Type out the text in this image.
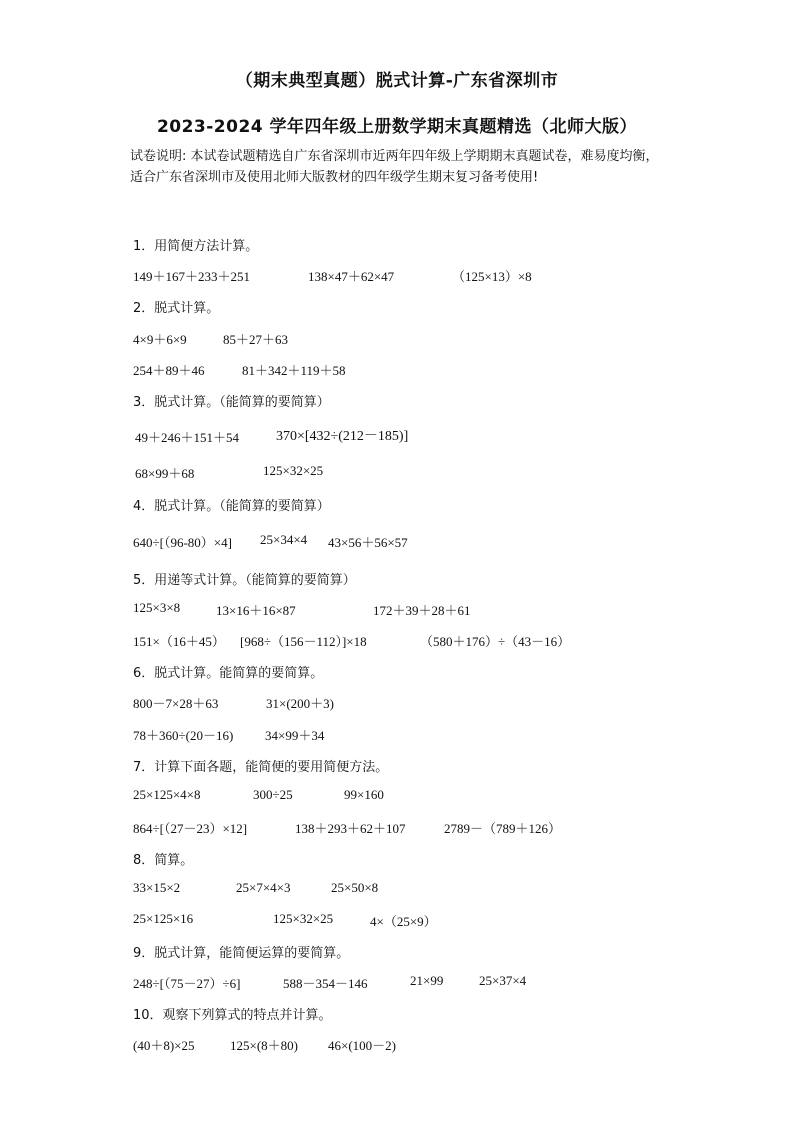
（期末典型真题）脱式计算-广东省深圳市
2023-2024 学年四年级上册数学期末真题精选（北师大版）
试卷说明: 本试卷试题精选自广东省深圳市近两年四年级上学期期末真题试卷，难易度均衡，适合广东省深圳市及使用北师大版教材的四年级学生期末复习备考使用!
1．用简便方法计算。
149＋167＋233＋251	138×47＋62×47	（125×13）×8
2．脱式计算。
4×9＋6×9	85＋27＋63
254＋89＋46	81＋342＋119＋58
3．脱式计算。（能简算的要简算）
49＋246＋151＋54	370×[432÷(212－185)]
68×99＋68	125×32×25
4．脱式计算。（能简算的要简算）
640÷[（96-80）×4] 25×34×4 43×56＋56×57
5．用递等式计算。（能简算的要简算）
125×3×8	13×16＋16×87	172＋39＋28＋61
151×（16＋45） [968÷（156－112）]×18	（580＋176）÷（43－16）
6．脱式计算。能简算的要简算。
800－7×28＋63	31×(200＋3)
78＋360÷(20－16) 34×99＋34
7．计算下面各题，能简便的要用简便方法。
25×125×4×8	300÷25	99×160
864÷[（27－23）×12]	138＋293＋62＋107	2789－（789＋126）
8．简算。
33×15×2	25×7×4×3	25×50×8
25×125×16	125×32×25	4×（25×9）
9．脱式计算，能简便运算的要简算。
248÷[（75－27）÷6]	588－354－146	21×99	25×37×4
10．观察下列算式的特点并计算。
(40＋8)×25	125×(8＋80) 46×(100－2)
